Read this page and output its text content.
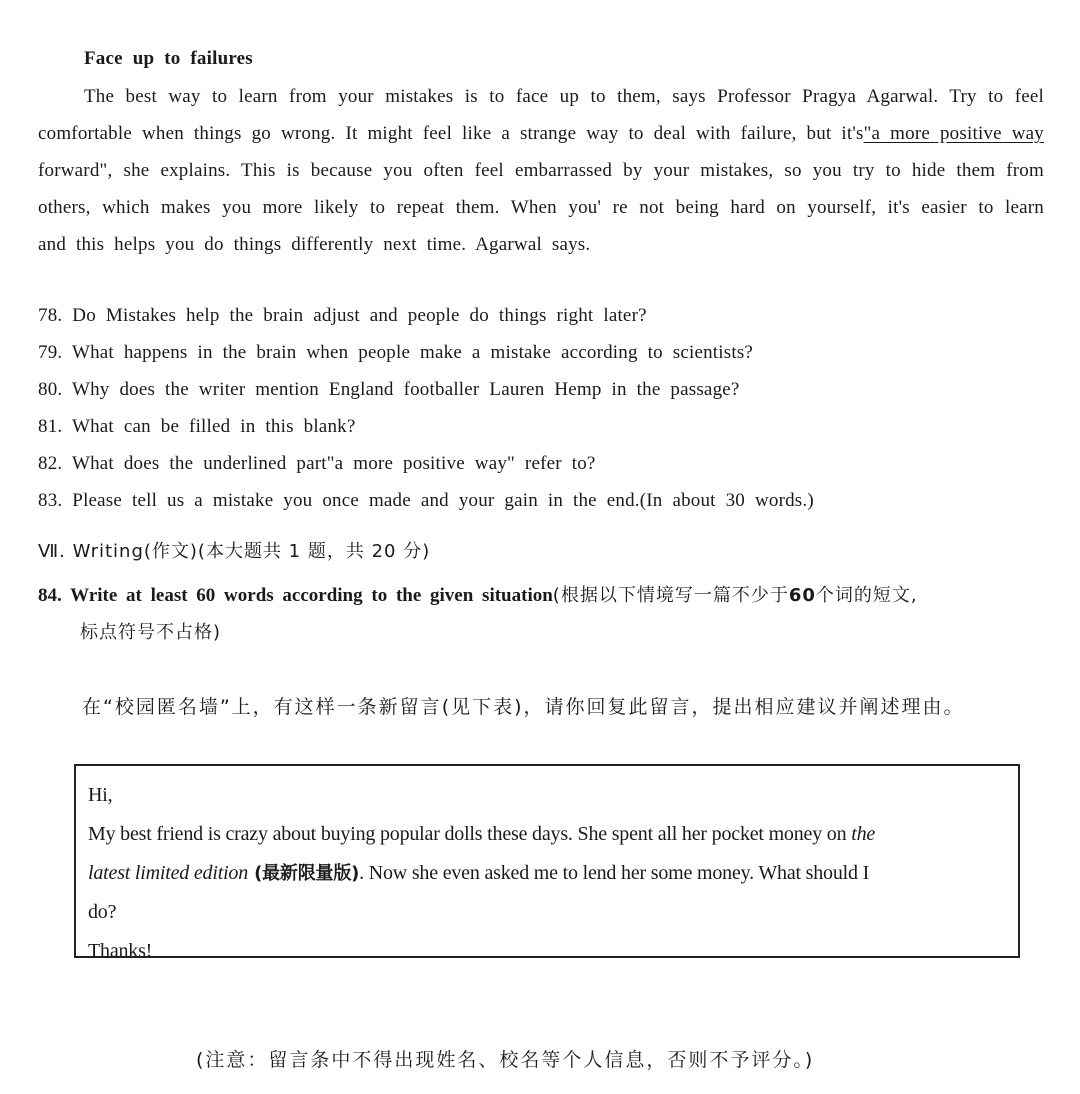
Face up to failures
The best way to learn from your mistakes is to face up to them, says Professor Pragya Agarwal. Try to feel comfortable when things go wrong. It might feel like a strange way to deal with failure, but it's"a more positive way forward", she explains. This is because you often feel embarrassed by your mistakes, so you try to hide them from others, which makes you more likely to repeat them. When you' re not being hard on yourself, it's easier to learn and this helps you do things differently next time. Agarwal says.
78. Do Mistakes help the brain adjust and people do things right later?
79. What happens in the brain when people make a mistake according to scientists?
80. Why does the writer mention England footballer Lauren Hemp in the passage?
81. What can be filled in this blank?
82. What does the underlined part"a more positive way" refer to?
83. Please tell us a mistake you once made and your gain in the end.(In about 30 words.)
Ⅶ. Writing(作文)(本大题共 1 题，共 20 分)
84. Write at least 60 words according to the given situation(根据以下情境写一篇不少于60个词的短文,
标点符号不占格)
在“校园匿名墙”上，有这样一条新留言(见下表)，请你回复此留言，提出相应建议并阐述理由。
Hi,
My best friend is crazy about buying popular dolls these days. She spent all her pocket money on the
latest limited edition (最新限量版). Now she even asked me to lend her some money. What should I
do?
Thanks!
(注意：留言条中不得出现姓名、校名等个人信息，否则不予评分。)
